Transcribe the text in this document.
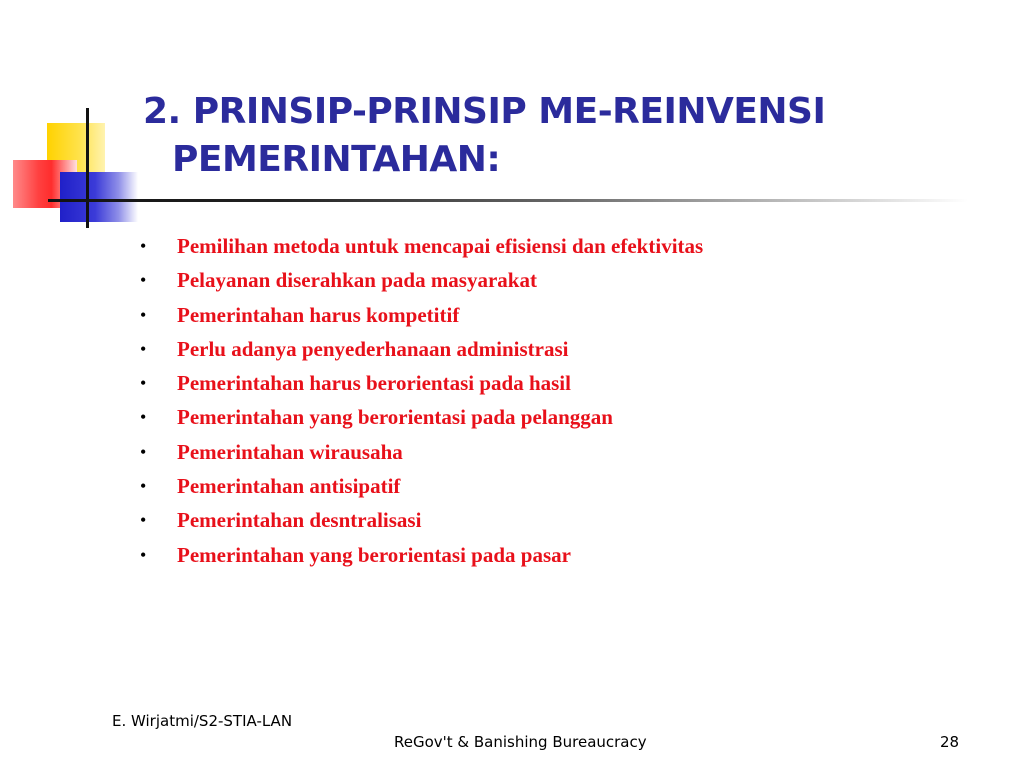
2. PRINSIP-PRINSIP ME-REINVENSI
PEMERINTAHAN:
• Pemilihan metoda untuk mencapai efisiensi dan efektivitas
• Pelayanan diserahkan pada masyarakat
• Pemerintahan harus kompetitif
• Perlu adanya penyederhanaan administrasi
• Pemerintahan harus berorientasi pada hasil
• Pemerintahan yang berorientasi pada pelanggan
• Pemerintahan wirausaha
• Pemerintahan antisipatif
• Pemerintahan desntralisasi
• Pemerintahan yang berorientasi pada pasar
E. Wirjatmi/S2-STIA-LAN
ReGov't & Banishing Bureaucracy	28
